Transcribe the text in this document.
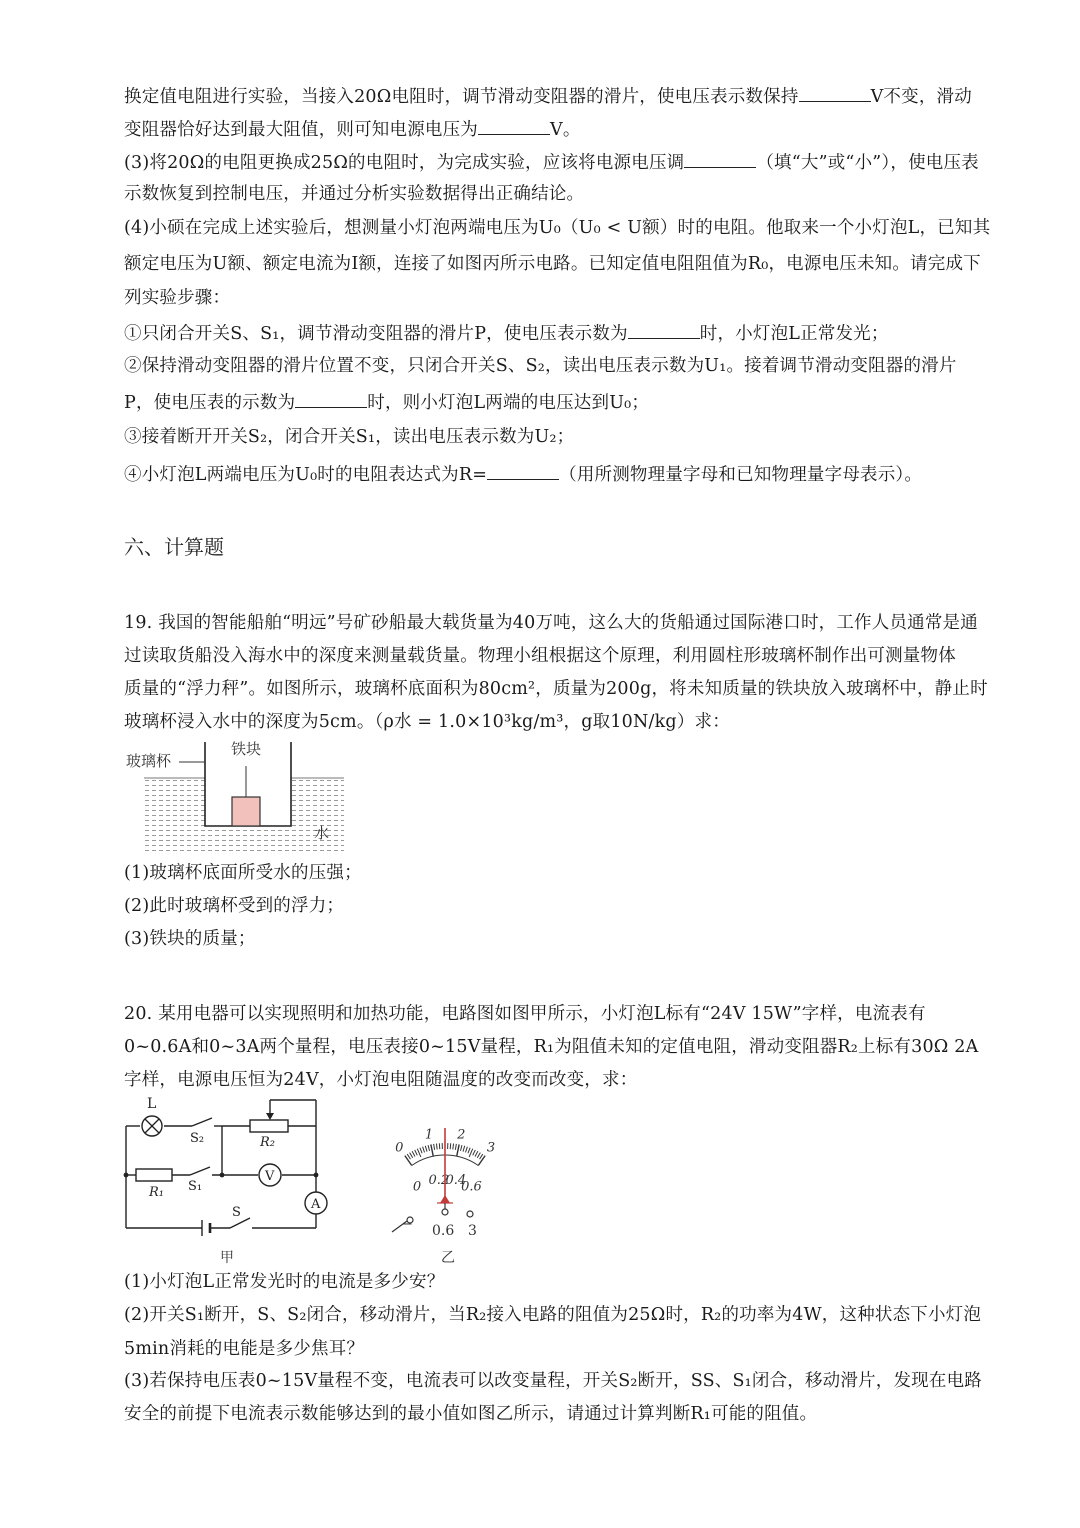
换定值电阻进行实验，当接入20Ω电阻时，调节滑动变阻器的滑片，使电压表示数保持	V不变，滑动
变阻器恰好达到最大阻值，则可知电源电压为	V。
(3)将20Ω的电阻更换成25Ω的电阻时，为完成实验，应该将电源电压调	（填“大”或“小”），使电压表
示数恢复到控制电压，并通过分析实验数据得出正确结论。
(4)小硕在完成上述实验后，想测量小灯泡两端电压为U₀（U₀ < U额）时的电阻。他取来一个小灯泡L，已知其
额定电压为U额、额定电流为I额，连接了如图丙所示电路。已知定值电阻阻值为R₀，电源电压未知。请完成下
列实验步骤：
①只闭合开关S、S₁，调节滑动变阻器的滑片P，使电压表示数为	时，小灯泡L正常发光；
②保持滑动变阻器的滑片位置不变，只闭合开关S、S₂，读出电压表示数为U₁。接着调节滑动变阻器的滑片
P，使电压表的示数为	时，则小灯泡L两端的电压达到U₀；
③接着断开开关S₂，闭合开关S₁，读出电压表示数为U₂；
④小灯泡L两端电压为U₀时的电阻表达式为R=	（用所测物理量字母和已知物理量字母表示）。
六、计算题
19. 我国的智能船舶“明远”号矿砂船最大载货量为40万吨，这么大的货船通过国际港口时，工作人员通常是通
过读取货船没入海水中的深度来测量载货量。物理小组根据这个原理，利用圆柱形玻璃杯制作出可测量物体
质量的“浮力秤”。如图所示，玻璃杯底面积为80cm²，质量为200g，将未知质量的铁块放入玻璃杯中，静止时
玻璃杯浸入水中的深度为5cm。（ρ水 = 1.0×10³kg/m³，g取10N/kg）求：
玻璃杯
铁块
水
(1)玻璃杯底面所受水的压强；
(2)此时玻璃杯受到的浮力；
(3)铁块的质量；
20. 某用电器可以实现照明和加热功能，电路图如图甲所示，小灯泡L标有“24V 15W”字样，电流表有
0~0.6A和0~3A两个量程，电压表接0~15V量程，R₁为阻值未知的定值电阻，滑动变阻器R₂上标有30Ω 2A
字样，电源电压恒为24V，小灯泡电阻随温度的改变而改变，求：
L
S₂	R₂
R₁ S₁
V
A
S
甲
0
0
1
0.2
2
0.4
3
0.6
− 0.6 3
乙
(1)小灯泡L正常发光时的电流是多少安？
(2)开关S₁断开，S、S₂闭合，移动滑片，当R₂接入电路的阻值为25Ω时，R₂的功率为4W，这种状态下小灯泡
5min消耗的电能是多少焦耳？
(3)若保持电压表0~15V量程不变，电流表可以改变量程，开关S₂断开，SS、S₁闭合，移动滑片，发现在电路
安全的前提下电流表示数能够达到的最小值如图乙所示，请通过计算判断R₁可能的阻值。
